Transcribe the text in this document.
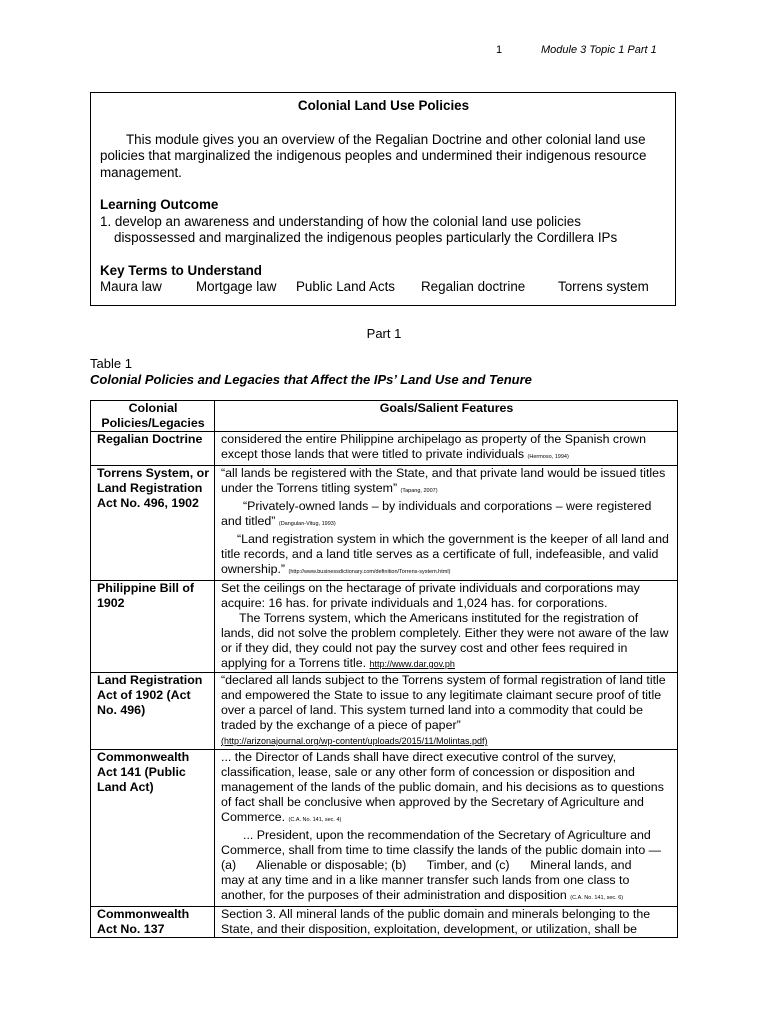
1	Module 3 Topic 1 Part 1

Colonial Land Use Policies

This module gives you an overview of the Regalian Doctrine and other colonial land use policies that marginalized the indigenous peoples and undermined their indigenous resource management.

Learning Outcome

1. develop an awareness and understanding of how the colonial land use policies

dispossessed and marginalized the indigenous peoples particularly the Cordillera IPs

Key Terms to Understand

Maura law	Mortgage law	Public Land Acts	Regalian doctrine	Torrens system
Part 1
Table 1
Colonial Policies and Legacies that Affect the IPs’ Land Use and Tenure
Colonial Policies/Legacies	Goals/Salient Features
Regalian Doctrine	considered the entire Philippine archipelago as property of the Spanish crown except those lands that were titled to private individuals (Hermoso, 1994)
Torrens System, or Land Registration Act No. 496, 1902	“all lands be registered with the State, and that private land would be issued titles under the Torrens titling system” (Tapang, 2007)
“Privately-owned lands – by individuals and corporations – were registered and titled” (Dangulan-Vitug, 1993)
“Land registration system in which the government is the keeper of all land and title records, and a land title serves as a certificate of full, indefeasible, and valid ownership.” (http://www.businessdictionary.com/definition/Torrens-system.html)
Philippine Bill of 1902	Set the ceilings on the hectarage of private individuals and corporations may acquire: 16 has. for private individuals and 1,024 has. for corporations.
The Torrens system, which the Americans instituted for the registration of lands, did not solve the problem completely. Either they were not aware of the law or if they did, they could not pay the survey cost and other fees required in applying for a Torrens title. http://www.dar.gov.ph
Land Registration Act of 1902 (Act No. 496)	“declared all lands subject to the Torrens system of formal registration of land title and empowered the State to issue to any legitimate claimant secure proof of title over a parcel of land. This system turned land into a commodity that could be traded by the exchange of a piece of paper”
(http://arizonajournal.org/wp-content/uploads/2015/11/Molintas.pdf)
Commonwealth Act 141 (Public Land Act)	... the Director of Lands shall have direct executive control of the survey, classification, lease, sale or any other form of concession or disposition and management of the lands of the public domain, and his decisions as to questions of fact shall be conclusive when approved by the Secretary of Agriculture and Commerce. (C.A. No. 141, sec. 4)
... President, upon the recommendation of the Secretary of Agriculture and Commerce, shall from time to time classify the lands of the public domain into —
(a)      Alienable or disposable; (b)      Timber, and (c)      Mineral lands, and
may at any time and in a like manner transfer such lands from one class to another, for the purposes of their administration and disposition (C.A. No. 141, sec. 6)
Commonwealth Act No. 137	Section 3. All mineral lands of the public domain and minerals belonging to the State, and their disposition, exploitation, development, or utilization, shall be
